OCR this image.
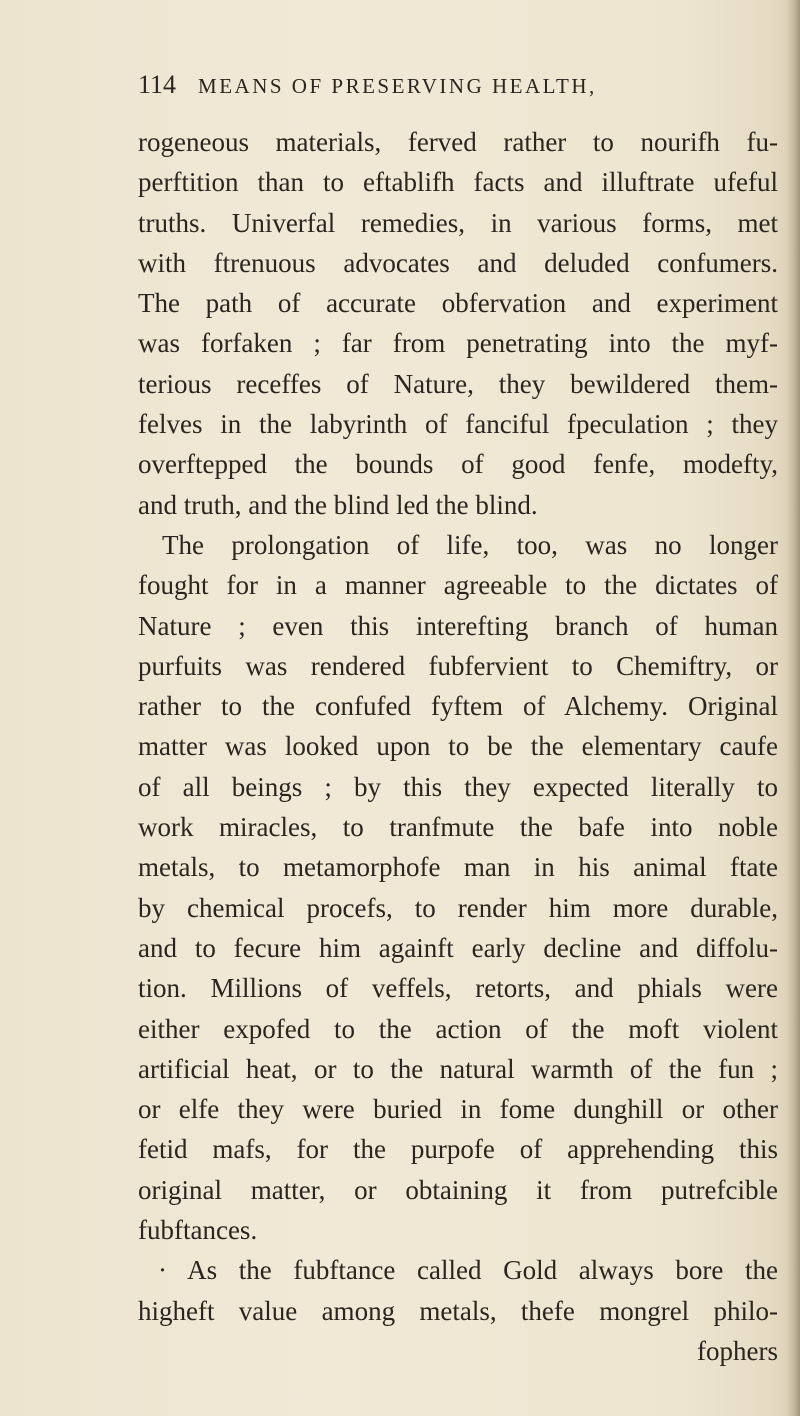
114 MEANS OF PRESERVING HEALTH,
rogeneous materials, ferved rather to nourifh fu-
perftition than to eftablifh facts and illuftrate ufeful
truths. Univerfal remedies, in various forms, met
with ftrenuous advocates and deluded confumers.
The path of accurate obfervation and experiment
was forfaken ; far from penetrating into the myf-
terious receffes of Nature, they bewildered them-
felves in the labyrinth of fanciful fpeculation ; they
overftepped the bounds of good fenfe, modefty,
and truth, and the blind led the blind.
The prolongation of life, too, was no longer
fought for in a manner agreeable to the dictates of
Nature ; even this interefting branch of human
purfuits was rendered fubfervient to Chemiftry, or
rather to the confufed fyftem of Alchemy. Original
matter was looked upon to be the elementary caufe
of all beings ; by this they expected literally to
work miracles, to tranfmute the bafe into noble
metals, to metamorphofe man in his animal ftate
by chemical procefs, to render him more durable,
and to fecure him againft early decline and diffolu-
tion. Millions of veffels, retorts, and phials were
either expofed to the action of the moft violent
artificial heat, or to the natural warmth of the fun ;
or elfe they were buried in fome dunghill or other
fetid mafs, for the purpofe of apprehending this
original matter, or obtaining it from putrefcible
fubftances.
· As the fubftance called Gold always bore the
higheft value among metals, thefe mongrel philo-
fophers
